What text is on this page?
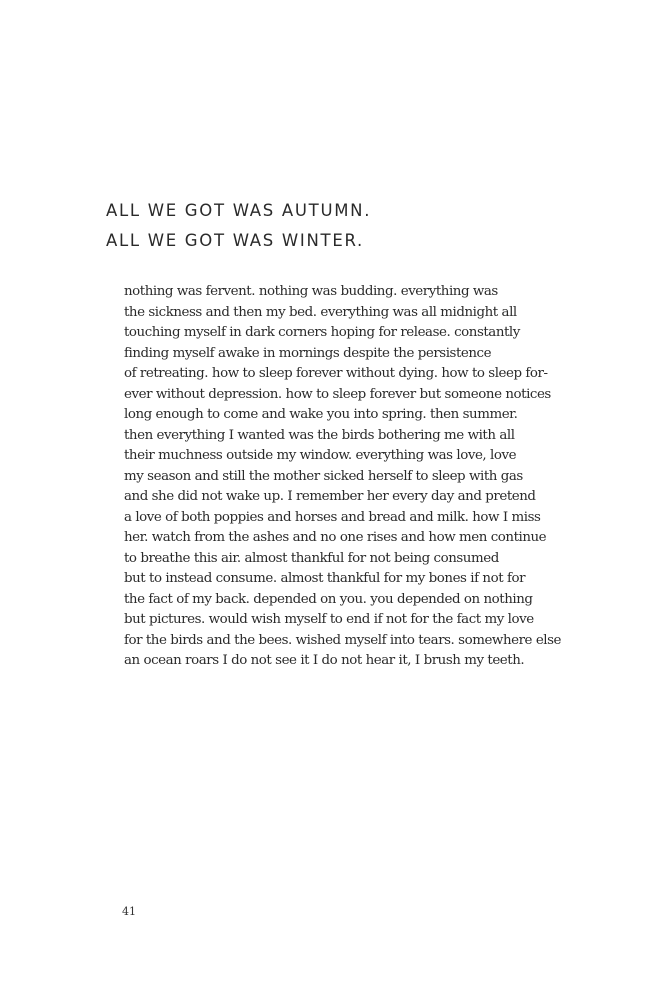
ALL WE GOT WAS AUTUMN.
ALL WE GOT WAS WINTER.
nothing was fervent. nothing was budding. everything was
the sickness and then my bed. everything was all midnight all
touching myself in dark corners hoping for release. constantly
finding myself awake in mornings despite the persistence
of retreating. how to sleep forever without dying. how to sleep for-
ever without depression. how to sleep forever but someone notices
long enough to come and wake you into spring. then summer.
then everything I wanted was the birds bothering me with all
their muchness outside my window. everything was love, love
my season and still the mother sicked herself to sleep with gas
and she did not wake up. I remember her every day and pretend
a love of both poppies and horses and bread and milk. how I miss
her. watch from the ashes and no one rises and how men continue
to breathe this air. almost thankful for not being consumed
but to instead consume. almost thankful for my bones if not for
the fact of my back. depended on you. you depended on nothing
but pictures. would wish myself to end if not for the fact my love
for the birds and the bees. wished myself into tears. somewhere else
an ocean roars I do not see it I do not hear it, I brush my teeth.
41
